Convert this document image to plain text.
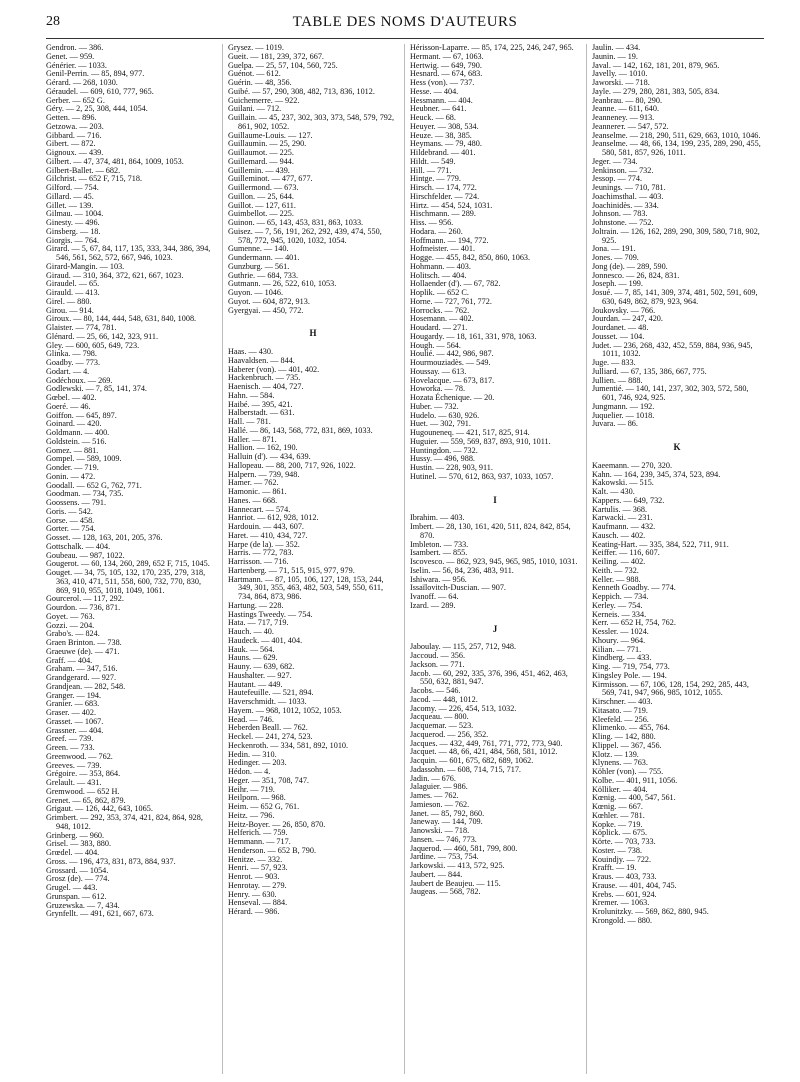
28	TABLE DES NOMS D'AUTEURS
Gendron. — 386.
Genet. — 959.
Générier. — 1033.
Genil-Perrin. — 85, 894, 977.
Gérard. — 268, 1030.
Géraudel. — 609, 610, 777, 965.
Gerber. — 652 G.
Géry. — 2, 25, 308, 444, 1054.
Getten. — 896.
Getzowa. — 203.
Gibbard. — 716.
Gibert. — 872.
Gignoux. — 439.
Gilbert. — 47, 374, 481, 864, 1009, 1053.
Gilbert-Ballet. — 682.
Gilchrist. — 652 F, 715, 718.
Gilford. — 754.
Gillard. — 45.
Gillet. — 139.
Gilmau. — 1004.
Ginesty. — 496.
Ginsberg. — 18.
Giorgis. — 764.
Girard. — 5, 67, 84, 117, 135, 333, 344, 386, 394, 546, 561, 562, 572, 667, 946, 1023.
Girard-Mangin. — 103.
Giraud. — 310, 364, 372, 621, 667, 1023.
Giraudel. — 65.
Girauld. — 413.
Girel. — 880.
Girou. — 914.
Giroux. — 80, 144, 444, 548, 631, 840, 1008.
Glaister. — 774, 781.
Glénard. — 25, 66, 142, 323, 911.
Gley. — 600, 605, 649, 723.
Glinka. — 798.
Goadby. — 773.
Godart. — 4.
Godéchoux. — 269.
Godlewski. — 7, 85, 141, 374.
Gœbel. — 402.
Goeré. — 46.
Goiffon. — 645, 897.
Goinard. — 420.
Goldmann. — 400.
Goldstein. — 516.
Gomez. — 881.
Gompel. — 589, 1009.
Gonder. — 719.
Gonin. — 472.
Goodall. — 652 G, 762, 771.
Goodman. — 734, 735.
Goossens. — 791.
Goris. — 542.
Gorse. — 458.
Gorter. — 754.
Gosset. — 128, 163, 201, 205, 376.
Gottschalk. — 404.
Goubeau. — 987, 1022.
Gougerot. — 60, 134, 260, 289, 652 F, 715, 1045.
Gouget. — 34, 75, 105, 132, 170, 235, 279, 318, 363, 410, 471, 511, 558, 600, 732, 770, 830, 869, 910, 955, 1018, 1049, 1061.
Gourcerol. — 117, 292.
Gourdon. — 736, 871.
Goyet. — 763.
Gozzi. — 204.
Grabo's. — 824.
Graen Brinton. — 738.
Graeuwe (de). — 471.
Graff. — 404.
Graham. — 347, 516.
Grandgerard. — 927.
Grandjean. — 282, 548.
Granger. — 194.
Granier. — 683.
Graser. — 402.
Grasset. — 1067.
Grassner. — 404.
Greef. — 739.
Green. — 733.
Greenwood. — 762.
Greeves. — 739.
Grégoire. — 353, 864.
Grelault. — 431.
Gremwood. — 652 H.
Grenet. — 65, 862, 879.
Grigaut. — 126, 442, 643, 1065.
Grimbert. — 292, 353, 374, 421, 824, 864, 928, 948, 1012.
Grinberg. — 960.
Grisel. — 383, 880.
Grœdel. — 404.
Gross. — 196, 473, 831, 873, 884, 937.
Grossard. — 1054.
Grosz (de). — 774.
Grugel. — 443.
Grunspan. — 612.
Gruzewska. — 7, 434.
Grynfellt. — 491, 621, 667, 673.
Grysez. — 1019.
Gueit. — 181, 239, 372, 667.
Guelpa. — 25, 57, 104, 560, 725.
Guénot. — 612.
Guérin. — 48, 356.
Guibé. — 57, 290, 308, 482, 713, 836, 1012.
Guichemerre. — 922.
Guilani. — 712.
Guillain. — 45, 237, 302, 303, 373, 548, 579, 792, 861, 902, 1052.
Guillaume-Louis. — 127.
Guillaumin. — 25, 290.
Guillaumot. — 225.
Guillemard. — 944.
Guillemin. — 439.
Guilleminot. — 477, 677.
Guillermond. — 673.
Guillon. — 25, 644.
Guillot. — 127, 611.
Guimbellot. — 225.
Guinon. — 65, 143, 453, 831, 863, 1033.
Guisez. — 7, 56, 191, 262, 292, 439, 474, 550, 578, 772, 945, 1020, 1032, 1054.
Gumenne. — 140.
Gundermann. — 401.
Gunzburg. — 561.
Guthrie. — 684, 733.
Gutmann. — 26, 522, 610, 1053.
Guyon. — 1046.
Guyot. — 604, 872, 913.
Gyergyai. — 450, 772.
H
Haas. — 430.
Haavaldsen. — 844.
Haberer (von). — 401, 402.
Hackenbruch. — 735.
Haenisch. — 404, 727.
Hahn. — 584.
Haibé. — 395, 421.
Halberstadt. — 631.
Hall. — 781.
Hallé. — 86, 143, 568, 772, 831, 869, 1033.
Haller. — 871.
Hallion. — 162, 190.
Halluin (d'). — 434, 639.
Hallopeau. — 88, 200, 717, 926, 1022.
Halpern. — 739, 948.
Hamer. — 762.
Hamonic. — 861.
Hanes. — 668.
Hannecart. — 574.
Hanriot. — 612, 928, 1012.
Hardouin. — 443, 607.
Haret. — 410, 434, 727.
Harpe (de la). — 352.
Harris. — 772, 783.
Harrisson. — 716.
Hartenberg. — 71, 515, 915, 977, 979.
Hartmann. — 87, 105, 106, 127, 128, 153, 244, 349, 301, 355, 463, 482, 503, 549, 550, 611, 734, 864, 873, 986.
Hartung. — 228.
Hastings Tweedy. — 754.
Hata. — 717, 719.
Hauch. — 40.
Haudeck. — 401, 404.
Hauk. — 564.
Hauns. — 629.
Hauny. — 639, 682.
Haushalter. — 927.
Hautant. — 449.
Hautefeuille. — 521, 894.
Haverschmidt. — 1033.
Hayem. — 968, 1012, 1052, 1053.
Head. — 746.
Heberden Beall. — 762.
Heckel. — 241, 274, 523.
Heckenroth. — 334, 581, 892, 1010.
Hedin. — 310.
Hedinger. — 203.
Hédon. — 4.
Heger. — 351, 708, 747.
Heihr. — 719.
Heilporn. — 968.
Heim. — 652 G, 761.
Heitz. — 796.
Heitz-Boyer. — 26, 850, 870.
Helferich. — 759.
Hemmann. — 717.
Henderson. — 652 B, 790.
Henitze. — 332.
Henri. — 57, 923.
Henrot. — 903.
Henrotay. — 279.
Henry. — 630.
Henseval. — 884.
Hérard. — 986.
Hérisson-Laparre. — 85, 174, 225, 246, 247, 965.
Hermant. — 67, 1063.
Hertwig. — 649, 790.
Hesnard. — 674, 683.
Hess (von). — 737.
Hesse. — 404.
Hessmann. — 404.
Heubner. — 641.
Heuck. — 68.
Heuyer. — 308, 534.
Heuze. — 38, 385.
Heymans. — 79, 480.
Hildebrand. — 401.
Hildt. — 549.
Hill. — 771.
Hintge. — 779.
Hirsch. — 174, 772.
Hirschfelder. — 724.
Hirtz. — 454, 524, 1031.
Hischmann. — 289.
Hiss. — 956.
Hodara. — 260.
Hoffmann. — 194, 772.
Hofmeister. — 401.
Hogge. — 455, 842, 850, 860, 1063.
Hohmann. — 403.
Holitsch. — 404.
Hollaender (d'). — 67, 782.
Hoplik. — 652 C.
Horne. — 727, 761, 772.
Horrocks. — 762.
Hosemann. — 402.
Houdard. — 271.
Hougardy. — 18, 161, 331, 978, 1063.
Hough. — 564.
Houlié. — 442, 986, 987.
Hourmouziadès. — 549.
Houssay. — 613.
Hovelacque. — 673, 817.
Howorka. — 78.
Hozata Échenique. — 20.
Huber. — 732.
Hudelo. — 630, 926.
Huet. — 302, 791.
Hugouneneq. — 421, 517, 825, 914.
Huguier. — 559, 569, 837, 893, 910, 1011.
Huntingdon. — 732.
Hussy. — 496, 988.
Hustin. — 228, 903, 911.
Hutinel. — 570, 612, 863, 937, 1033, 1057.
I
Ibrahim. — 403.
Imbert. — 28, 130, 161, 420, 511, 824, 842, 854, 870.
Imbleton. — 733.
Isambert. — 855.
Iscovesco. — 862, 923, 945, 965, 985, 1010, 1031.
Iselin. — 56, 84, 236, 483, 911.
Ishiwara. — 956.
Issaïlovitch-Duscian. — 907.
Ivanoff. — 64.
Izard. — 289.
J
Jaboulay. — 115, 257, 712, 948.
Jaccoud. — 356.
Jackson. — 771.
Jacob. — 60, 292, 335, 376, 396, 451, 462, 463, 550, 632, 881, 947.
Jacobs. — 546.
Jacod. — 448, 1012.
Jacomy. — 226, 454, 513, 1032.
Jacqueau. — 800.
Jacquemar. — 523.
Jacquerod. — 256, 352.
Jacques. — 432, 449, 761, 771, 772, 773, 940.
Jacquet. — 48, 66, 421, 484, 568, 581, 1012.
Jacquin. — 601, 675, 682, 689, 1062.
Jadassohn. — 608, 714, 715, 717.
Jadin. — 676.
Jalaguier. — 986.
James. — 762.
Jamieson. — 762.
Janet. — 85, 792, 860.
Janeway. — 144, 709.
Janowski. — 718.
Jansen. — 746, 773.
Jaquerod. — 460, 581, 799, 800.
Jardine. — 753, 754.
Jarkowski. — 413, 572, 925.
Jaubert. — 844.
Jaubert de Beaujeu. — 115.
Jaugeas. — 568, 782.
Jaulin. — 434.
Jaunin. — 19.
Javal. — 142, 162, 181, 201, 879, 965.
Javelly. — 1010.
Jaworski. — 718.
Jayle. — 279, 280, 281, 383, 505, 834.
Jeanbrau. — 80, 290.
Jeanne. — 611, 640.
Jeanneney. — 913.
Jeannerет. — 547, 572.
Jeanselme. — 218, 290, 511, 629, 663, 1010, 1046.
Jeanselme. — 48, 66, 134, 199, 235, 289, 290, 455, 580, 581, 857, 926, 1011.
Jeger. — 734.
Jenkinson. — 732.
Jessop. — 774.
Jeunings. — 710, 781.
Joachimsthal. — 403.
Joachinidès. — 334.
Johnson. — 783.
Johnstone. — 752.
Joltrain. — 126, 162, 289, 290, 309, 580, 718, 902, 925.
Jona. — 191.
Jones. — 709.
Jong (de). — 289, 590.
Jonnesco. — 26, 824, 831.
Joseph. — 199.
Josué. — 7, 85, 141, 309, 374, 481, 502, 591, 609, 630, 649, 862, 879, 923, 964.
Joukovsky. — 766.
Jourdan. — 247, 420.
Jourdanet. — 48.
Jousset. — 104.
Judet. — 236, 268, 432, 452, 559, 884, 936, 945, 1011, 1032.
Juge. — 833.
Julliard. — 67, 135, 386, 667, 775.
Jullien. — 888.
Jumentié. — 140, 141, 237, 302, 303, 572, 580, 601, 746, 924, 925.
Jungmann. — 192.
Juquelier. — 1018.
Juvara. — 86.
K
Kaeemann. — 270, 320.
Kahn. — 164, 239, 345, 374, 523, 894.
Kakowski. — 515.
Kalt. — 430.
Kappers. — 649, 732.
Kartulis. — 368.
Karwacki. — 231.
Kaufmann. — 432.
Kausch. — 402.
Keating-Hart. — 335, 384, 522, 711, 911.
Keiffer. — 116, 607.
Keiling. — 402.
Keith. — 732.
Keller. — 988.
Kenneth Goadby. — 774.
Keppich. — 734.
Kerley. — 754.
Kerneis. — 334.
Kerr. — 652 H, 754, 762.
Kessler. — 1024.
Khoury. — 964.
Kilian. — 771.
Kindberg. — 433.
King. — 719, 754, 773.
Kingsley Pole. — 194.
Kirmisson. — 67, 106, 128, 154, 292, 285, 443, 569, 741, 947, 966, 985, 1012, 1055.
Kirschner. — 403.
Kitasato. — 719.
Kleefeld. — 256.
Klimenko. — 455, 764.
Kling. — 142, 880.
Klippel. — 367, 456.
Klotz. — 139.
Klynens. — 763.
Köhler (von). — 755.
Kolbe. — 401, 911, 1056.
Kölliker. — 404.
Kœnig. — 400, 547, 561.
Kœnig. — 667.
Kœhler. — 781.
Kopke. — 719.
Köplick. — 675.
Körte. — 703, 733.
Koster. — 738.
Kouindjy. — 722.
Krafft. — 19.
Kraus. — 403, 733.
Krause. — 401, 404, 745.
Krebs. — 601, 924.
Kremer. — 1063.
Krolunitzky. — 569, 862, 880, 945.
Krongold. — 880.
